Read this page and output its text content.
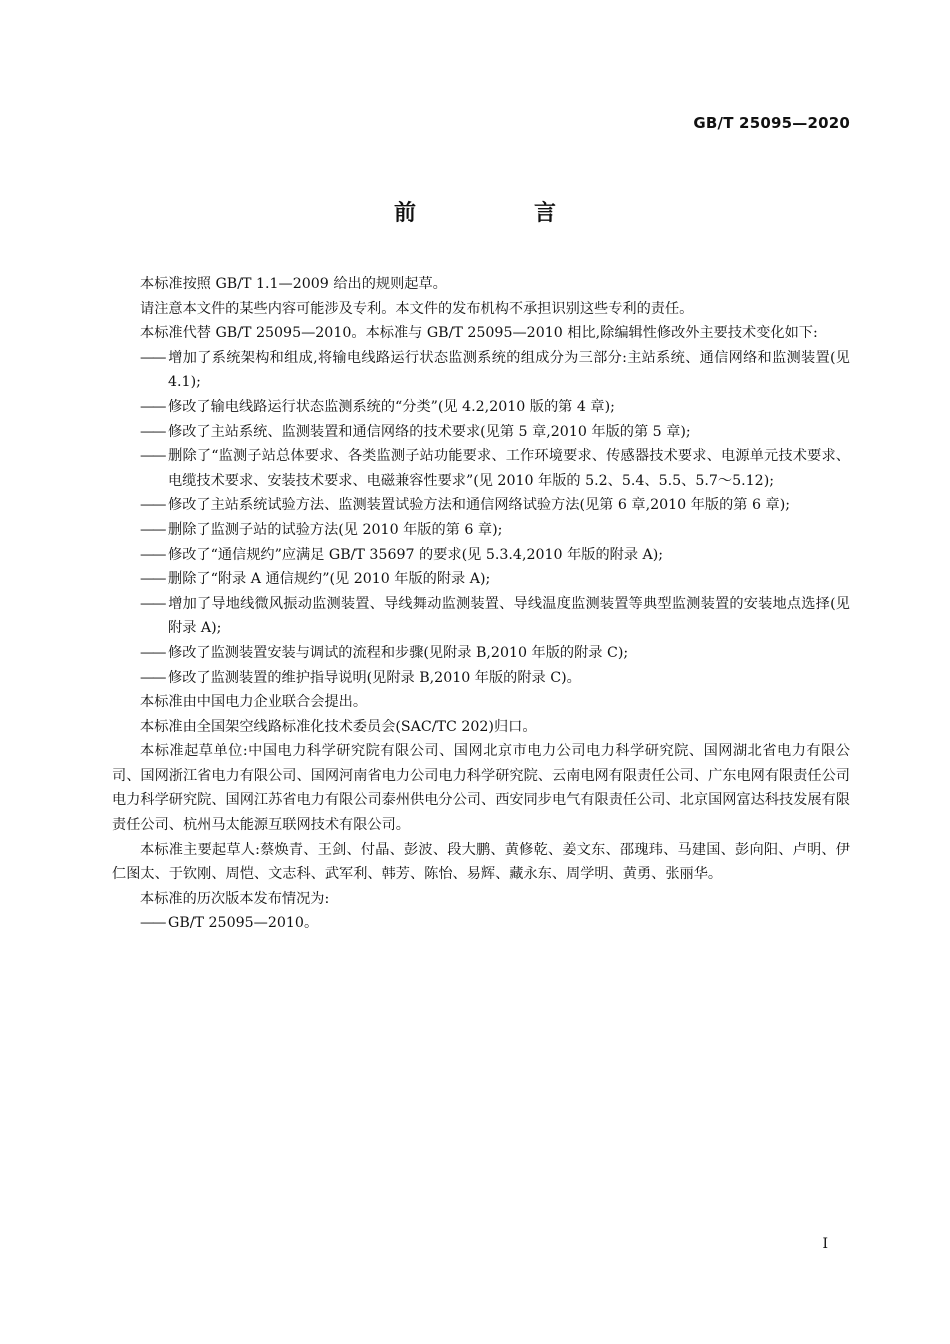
GB/T 25095—2020
前　言

本标准按照 GB/T 1.1—2009 给出的规则起草。

请注意本文件的某些内容可能涉及专利。本文件的发布机构不承担识别这些专利的责任。

本标准代替 GB/T 25095—2010。本标准与 GB/T 25095—2010 相比,除编辑性修改外主要技术变化如下:

—— 增加了系统架构和组成,将输电线路运行状态监测系统的组成分为三部分:主站系统、通信网络和监测装置(见 4.1);

—— 修改了输电线路运行状态监测系统的“分类”(见 4.2,2010 版的第 4 章);

—— 修改了主站系统、监测装置和通信网络的技术要求(见第 5 章,2010 年版的第 5 章);

—— 删除了“监测子站总体要求、各类监测子站功能要求、工作环境要求、传感器技术要求、电源单元技术要求、电缆技术要求、安装技术要求、电磁兼容性要求”(见 2010 年版的 5.2、5.4、5.5、5.7～5.12);

—— 修改了主站系统试验方法、监测装置试验方法和通信网络试验方法(见第 6 章,2010 年版的第 6 章);

—— 删除了监测子站的试验方法(见 2010 年版的第 6 章);

—— 修改了“通信规约”应满足 GB/T 35697 的要求(见 5.3.4,2010 年版的附录 A);

—— 删除了“附录 A 通信规约”(见 2010 年版的附录 A);

—— 增加了导地线微风振动监测装置、导线舞动监测装置、导线温度监测装置等典型监测装置的安装地点选择(见附录 A);

—— 修改了监测装置安装与调试的流程和步骤(见附录 B,2010 年版的附录 C);

—— 修改了监测装置的维护指导说明(见附录 B,2010 年版的附录 C)。

本标准由中国电力企业联合会提出。

本标准由全国架空线路标准化技术委员会(SAC/TC 202)归口。

本标准起草单位:中国电力科学研究院有限公司、国网北京市电力公司电力科学研究院、国网湖北省电力有限公司、国网浙江省电力有限公司、国网河南省电力公司电力科学研究院、云南电网有限责任公司、广东电网有限责任公司电力科学研究院、国网江苏省电力有限公司泰州供电分公司、西安同步电气有限责任公司、北京国网富达科技发展有限责任公司、杭州马太能源互联网技术有限公司。

本标准主要起草人:蔡焕青、王剑、付晶、彭波、段大鹏、黄修乾、姜文东、邵瑰玮、马建国、彭向阳、卢明、伊仁图太、于钦刚、周恺、文志科、武军利、韩芳、陈怡、易辉、藏永东、周学明、黄勇、张丽华。

本标准的历次版本发布情况为:

—— GB/T 25095—2010。

I
